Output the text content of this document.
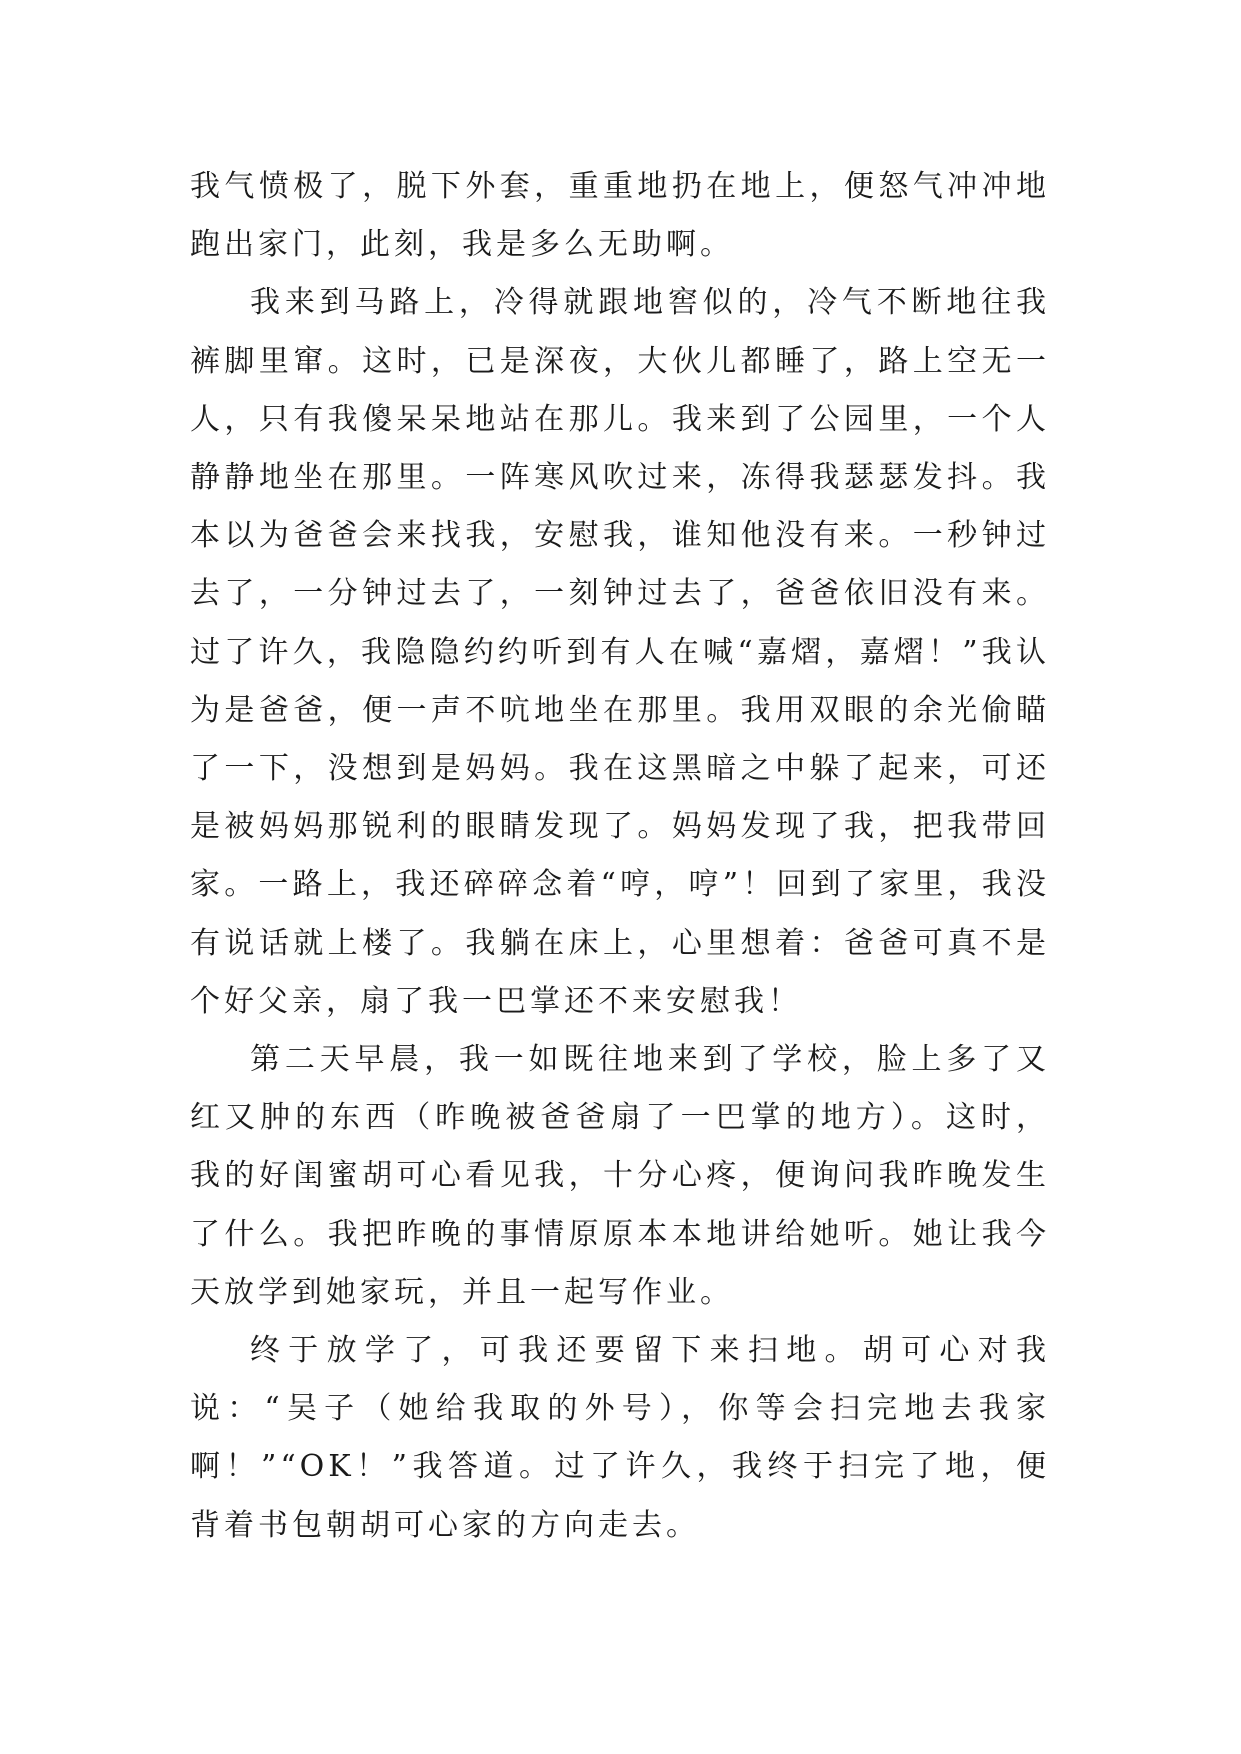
我气愤极了，脱下外套，重重地扔在地上，便怒气冲冲地跑出家门，此刻，我是多么无助啊。

我来到马路上，冷得就跟地窖似的，冷气不断地往我裤脚里窜。这时，已是深夜，大伙儿都睡了，路上空无一人，只有我傻呆呆地站在那儿。我来到了公园里，一个人静静地坐在那里。一阵寒风吹过来，冻得我瑟瑟发抖。我本以为爸爸会来找我，安慰我，谁知他没有来。一秒钟过去了，一分钟过去了，一刻钟过去了，爸爸依旧没有来。过了许久，我隐隐约约听到有人在喊“嘉熠，嘉熠！”我认为是爸爸，便一声不吭地坐在那里。我用双眼的余光偷瞄了一下，没想到是妈妈。我在这黑暗之中躲了起来，可还是被妈妈那锐利的眼睛发现了。妈妈发现了我，把我带回家。一路上，我还碎碎念着“哼，哼”！回到了家里，我没有说话就上楼了。我躺在床上，心里想着：爸爸可真不是个好父亲，扇了我一巴掌还不来安慰我！

第二天早晨，我一如既往地来到了学校，脸上多了又红又肿的东西（昨晚被爸爸扇了一巴掌的地方）。这时，我的好闺蜜胡可心看见我，十分心疼，便询问我昨晚发生了什么。我把昨晚的事情原原本本地讲给她听。她让我今天放学到她家玩，并且一起写作业。

终于放学了，可我还要留下来扫地。胡可心对我说：“吴子（她给我取的外号），你等会扫完地去我家啊！”“OK！”我答道。过了许久，我终于扫完了地，便背着书包朝胡可心家的方向走去。
